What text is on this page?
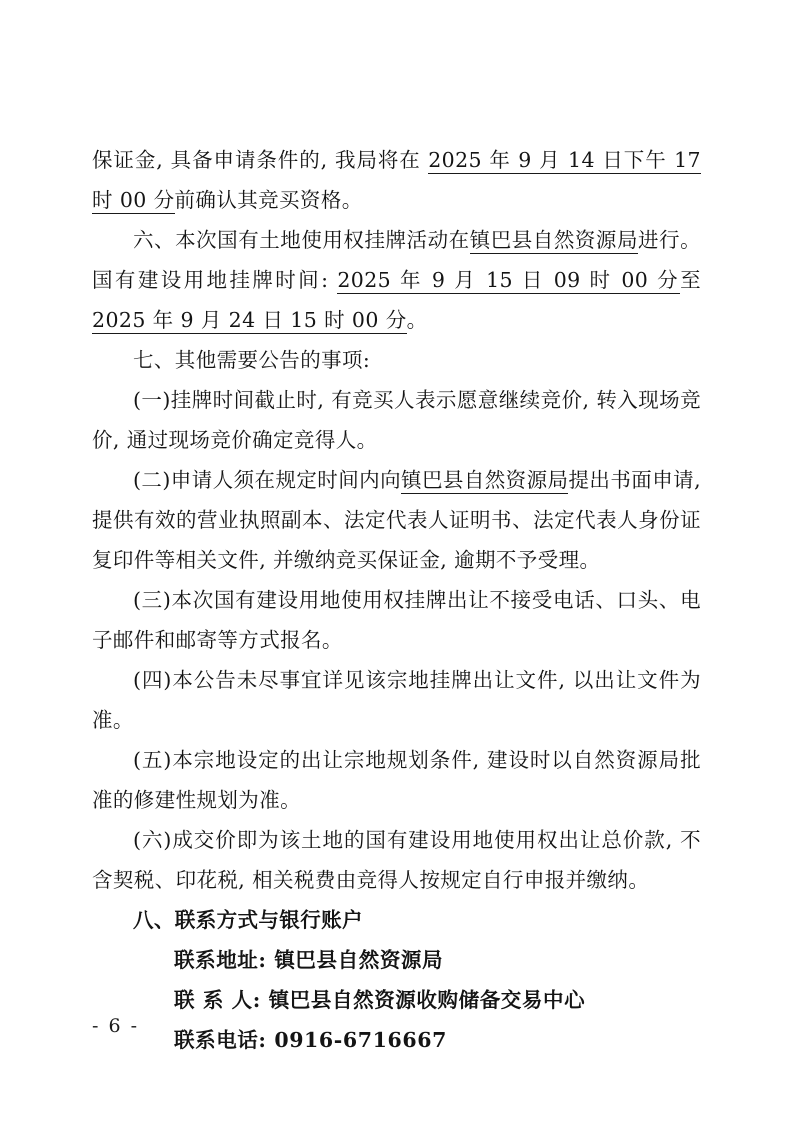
保证金, 具备申请条件的, 我局将在 2025 年 9 月 14 日下午 17 时 00 分前确认其竞买资格。

六、本次国有土地使用权挂牌活动在镇巴县自然资源局进行。国有建设用地挂牌时间: 2025 年 9 月 15 日 09 时 00 分至2025 年 9 月 24 日 15 时 00 分。

七、其他需要公告的事项:

(一)挂牌时间截止时, 有竞买人表示愿意继续竞价, 转入现场竞价, 通过现场竞价确定竞得人。

(二)申请人须在规定时间内向镇巴县自然资源局提出书面申请, 提供有效的营业执照副本、法定代表人证明书、法定代表人身份证复印件等相关文件, 并缴纳竞买保证金, 逾期不予受理。

(三)本次国有建设用地使用权挂牌出让不接受电话、口头、电子邮件和邮寄等方式报名。

(四)本公告未尽事宜详见该宗地挂牌出让文件, 以出让文件为准。

(五)本宗地设定的出让宗地规划条件, 建设时以自然资源局批准的修建性规划为准。

(六)成交价即为该土地的国有建设用地使用权出让总价款, 不含契税、印花税, 相关税费由竞得人按规定自行申报并缴纳。

八、联系方式与银行账户

联系地址: 镇巴县自然资源局
联 系 人: 镇巴县自然资源收购储备交易中心
联系电话: 0916-6716667
- 6 -
